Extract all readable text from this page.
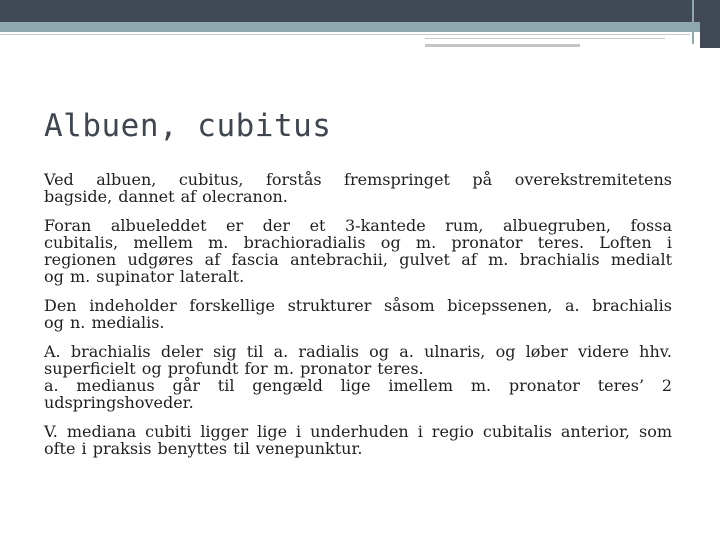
Albuen, cubitus

Ved albuen, cubitus, forstås fremspringet på overekstremitetens
bagside, dannet af olecranon.

Foran albueleddet er der et 3-kantede rum, albuegruben, fossa
cubitalis, mellem m. brachioradialis og m. pronator teres. Loften i
regionen udgøres af fascia antebrachii, gulvet af m. brachialis medialt
og m. supinator lateralt.

Den indeholder forskellige strukturer såsom bicepssenen, a. brachialis
og n. medialis.

A. brachialis deler sig til a. radialis og a. ulnaris, og løber videre hhv.
superficielt og profundt for m. pronator teres.
a. medianus går til gengæld lige imellem m. pronator teres’ 2
udspringshoveder.

V. mediana cubiti ligger lige i underhuden i regio cubitalis anterior, som
ofte i praksis benyttes til venepunktur.
